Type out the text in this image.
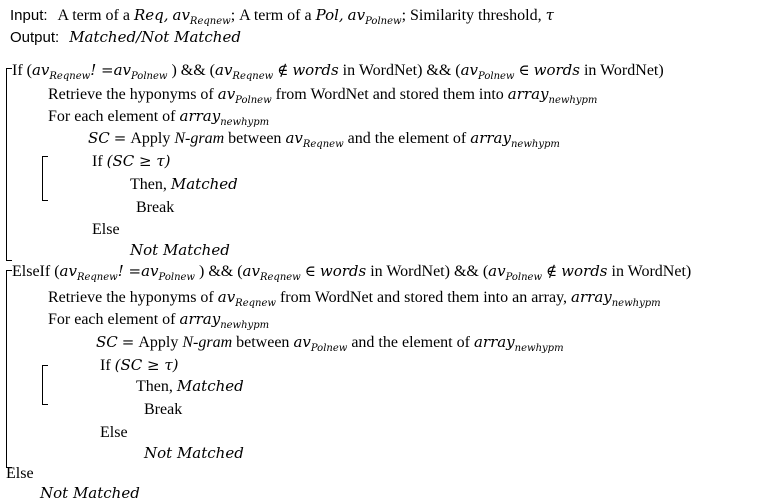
Input: A term of a Req, $av_{Reqnew}$; A term of a Pol, $av_{Polnew}$; Similarity threshold, τ
Output: Matched/Not Matched
If ($av_{Reqnew}$! $=av_{Polnew}$ ) && ($av_{Reqnew}$ ∉ words in WordNet) && ($av_{Polnew}$ ∈ words in WordNet)
Retrieve the hyponyms of $av_{Polnew}$ from WordNet and stored them into array$_{newhypm}$
For each element of array$_{newhypm}$
SC = Apply N-gram between $av_{Reqnew}$ and the element of array$_{newhypm}$
If (SC ≥ τ)
Then, Matched
Break
Else
Not Matched
ElseIf ($av_{Reqnew}$! $=av_{Polnew}$ ) && ($av_{Reqnew}$ ∈ words in WordNet) && ($av_{Polnew}$ ∉ words in WordNet)
Retrieve the hyponyms of $av_{Reqnew}$ from WordNet and stored them into an array, array$_{newhypm}$
For each element of array$_{newhypm}$
SC = Apply N-gram between $av_{Polnew}$ and the element of array$_{newhypm}$
If (SC ≥ τ)
Then, Matched
Break
Else
Not Matched
Else
Not Matched
